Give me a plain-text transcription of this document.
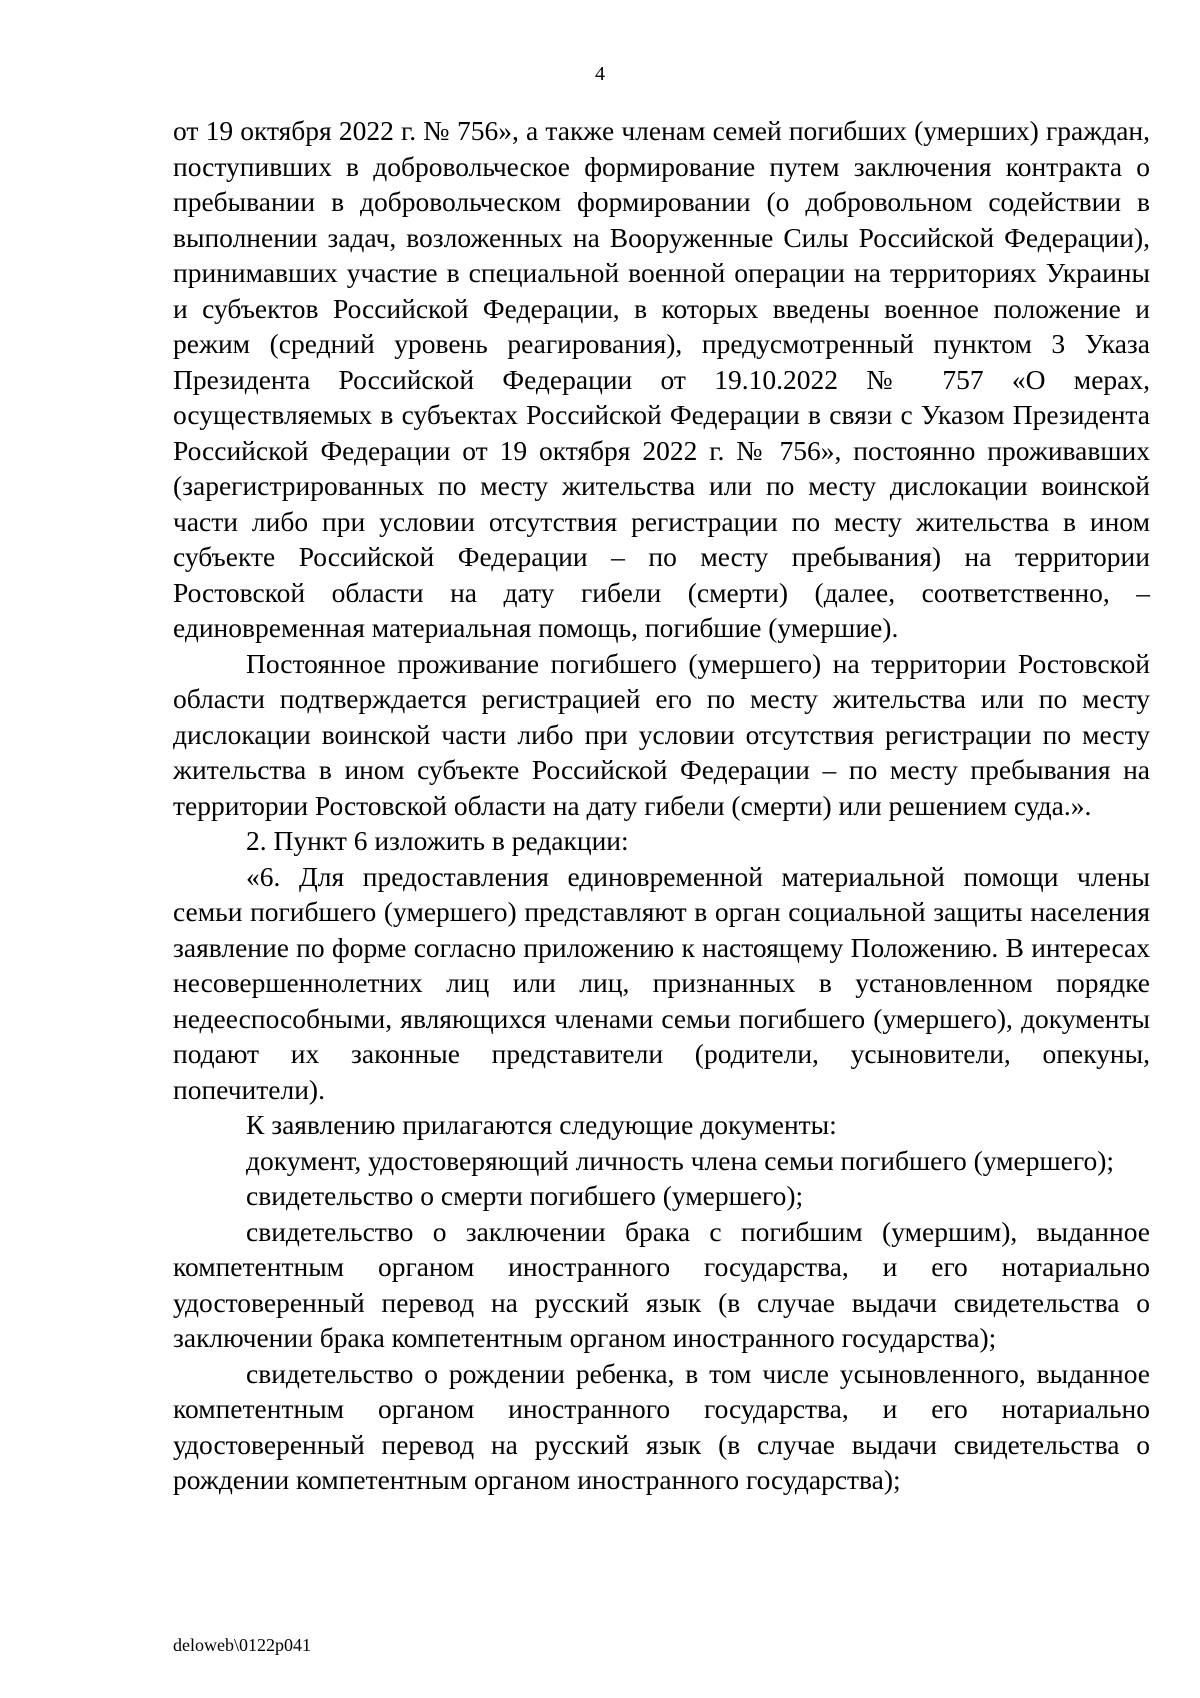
4

от 19 октября 2022 г. № 756», а также членам семей погибших (умерших) граждан, поступивших в добровольческое формирование путем заключения контракта о пребывании в добровольческом формировании (о добровольном содействии в выполнении задач, возложенных на Вооруженные Силы Российской Федерации), принимавших участие в специальной военной операции на территориях Украины и субъектов Российской Федерации, в которых введены военное положение и режим (средний уровень реагирования), предусмотренный пунктом 3 Указа Президента Российской Федерации от 19.10.2022 № 757 «О мерах, осуществляемых в субъектах Российской Федерации в связи с Указом Президента Российской Федерации от 19 октября 2022 г. № 756», постоянно проживавших (зарегистрированных по месту жительства или по месту дислокации воинской части либо при условии отсутствия регистрации по месту жительства в ином субъекте Российской Федерации – по месту пребывания) на территории Ростовской области на дату гибели (смерти) (далее, соответственно, – единовременная материальная помощь, погибшие (умершие).

Постоянное проживание погибшего (умершего) на территории Ростовской области подтверждается регистрацией его по месту жительства или по месту дислокации воинской части либо при условии отсутствия регистрации по месту жительства в ином субъекте Российской Федерации – по месту пребывания на территории Ростовской области на дату гибели (смерти) или решением суда.».

2. Пункт 6 изложить в редакции:

«6. Для предоставления единовременной материальной помощи члены семьи погибшего (умершего) представляют в орган социальной защиты населения заявление по форме согласно приложению к настоящему Положению. В интересах несовершеннолетних лиц или лиц, признанных в установленном порядке недееспособными, являющихся членами семьи погибшего (умершего), документы подают их законные представители (родители, усыновители, опекуны, попечители).

К заявлению прилагаются следующие документы:

документ, удостоверяющий личность члена семьи погибшего (умершего);

свидетельство о смерти погибшего (умершего);

свидетельство о заключении брака с погибшим (умершим), выданное компетентным органом иностранного государства, и его нотариально удостоверенный перевод на русский язык (в случае выдачи свидетельства о заключении брака компетентным органом иностранного государства);

свидетельство о рождении ребенка, в том числе усыновленного, выданное компетентным органом иностранного государства, и его нотариально удостоверенный перевод на русский язык (в случае выдачи свидетельства о рождении компетентным органом иностранного государства);

deloweb\0122p041
